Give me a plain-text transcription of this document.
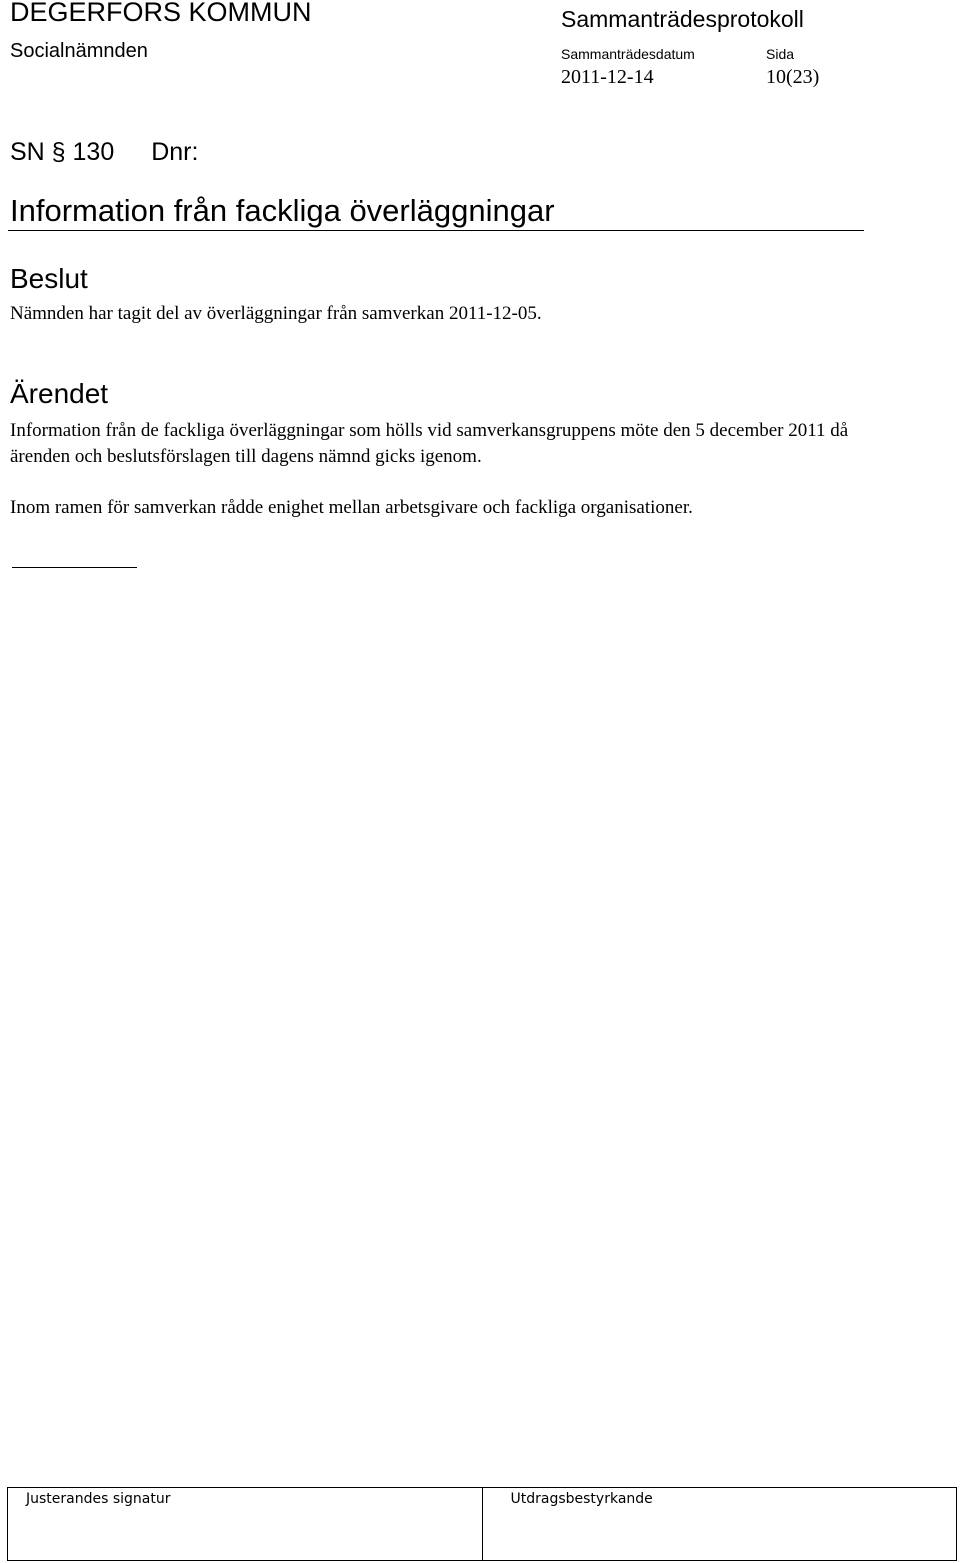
DEGERFORS KOMMUN
Socialnämnden
Sammanträdesprotokoll
Sammanträdesdatum
2011-12-14
Sida
10(23)
SN § 130 Dnr:
Information från fackliga överläggningar
Beslut
Nämnden har tagit del av överläggningar från samverkan 2011-12-05.
Ärendet
Information från de fackliga överläggningar som hölls vid samverkansgruppens möte den 5 december 2011 då ärenden och beslutsförslagen till dagens nämnd gicks igenom.
Inom ramen för samverkan rådde enighet mellan arbetsgivare och fackliga organisationer.
Justerandes signatur	Utdragsbestyrkande
